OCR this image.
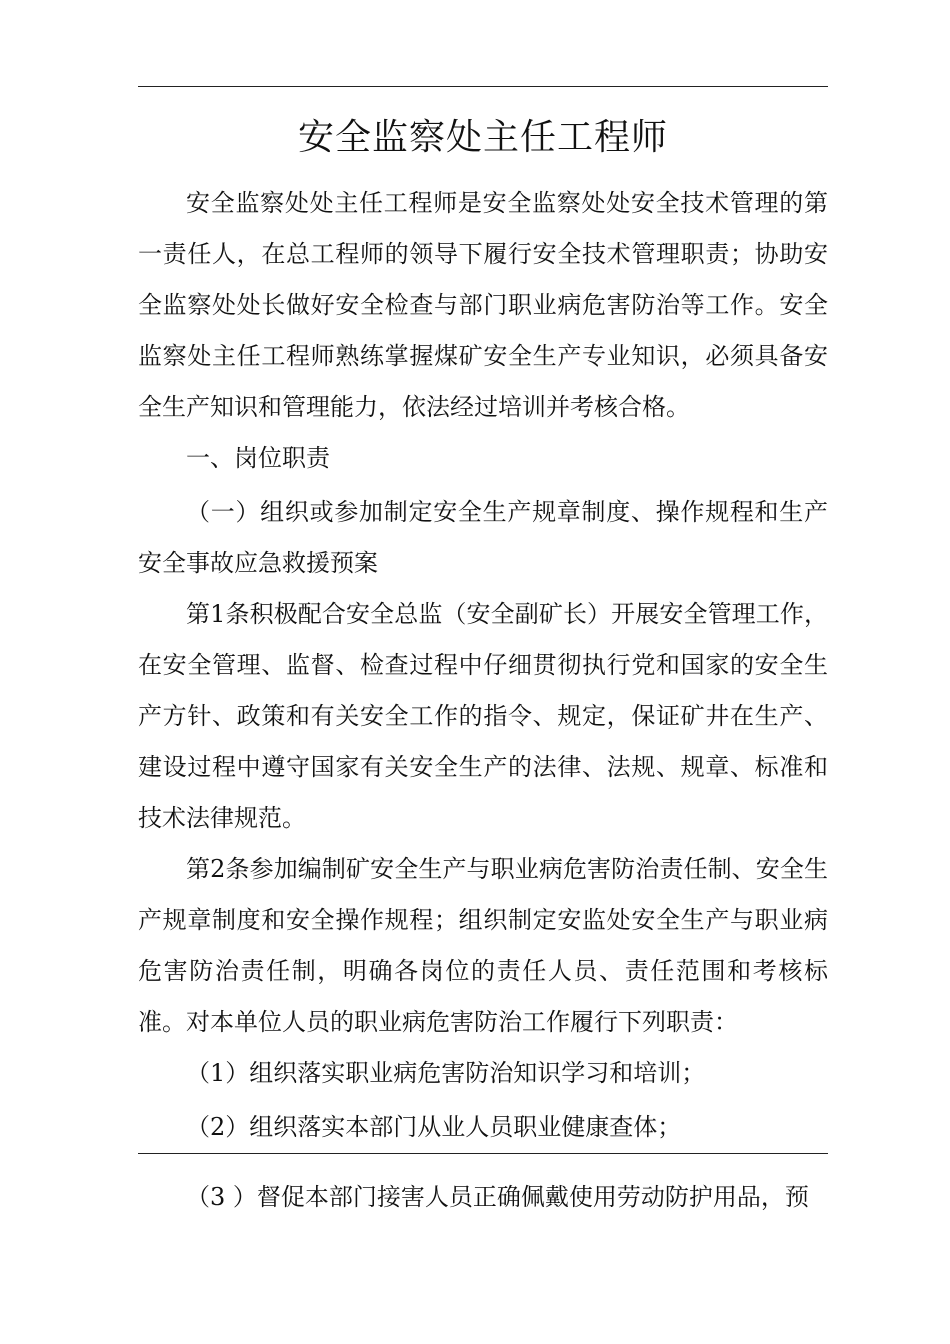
安全监察处主任工程师

安全监察处处主任工程师是安全监察处处安全技术管理的第一责任人，在总工程师的领导下履行安全技术管理职责；协助安全监察处处长做好安全检查与部门职业病危害防治等工作。安全监察处主任工程师熟练掌握煤矿安全生产专业知识，必须具备安全生产知识和管理能力，依法经过培训并考核合格。

一、岗位职责

（一）组织或参加制定安全生产规章制度、操作规程和生产安全事故应急救援预案

第1条积极配合安全总监（安全副矿长）开展安全管理工作，在安全管理、监督、检查过程中仔细贯彻执行党和国家的安全生产方针、政策和有关安全工作的指令、规定，保证矿井在生产、建设过程中遵守国家有关安全生产的法律、法规、规章、标准和技术法律规范。

第2条参加编制矿安全生产与职业病危害防治责任制、安全生产规章制度和安全操作规程；组织制定安监处安全生产与职业病危害防治责任制，明确各岗位的责任人员、责任范围和考核标准。对本单位人员的职业病危害防治工作履行下列职责：

（1）组织落实职业病危害防治知识学习和培训；

（2）组织落实本部门从业人员职业健康查体；

（3 ）督促本部门接害人员正确佩戴使用劳动防护用品，预
